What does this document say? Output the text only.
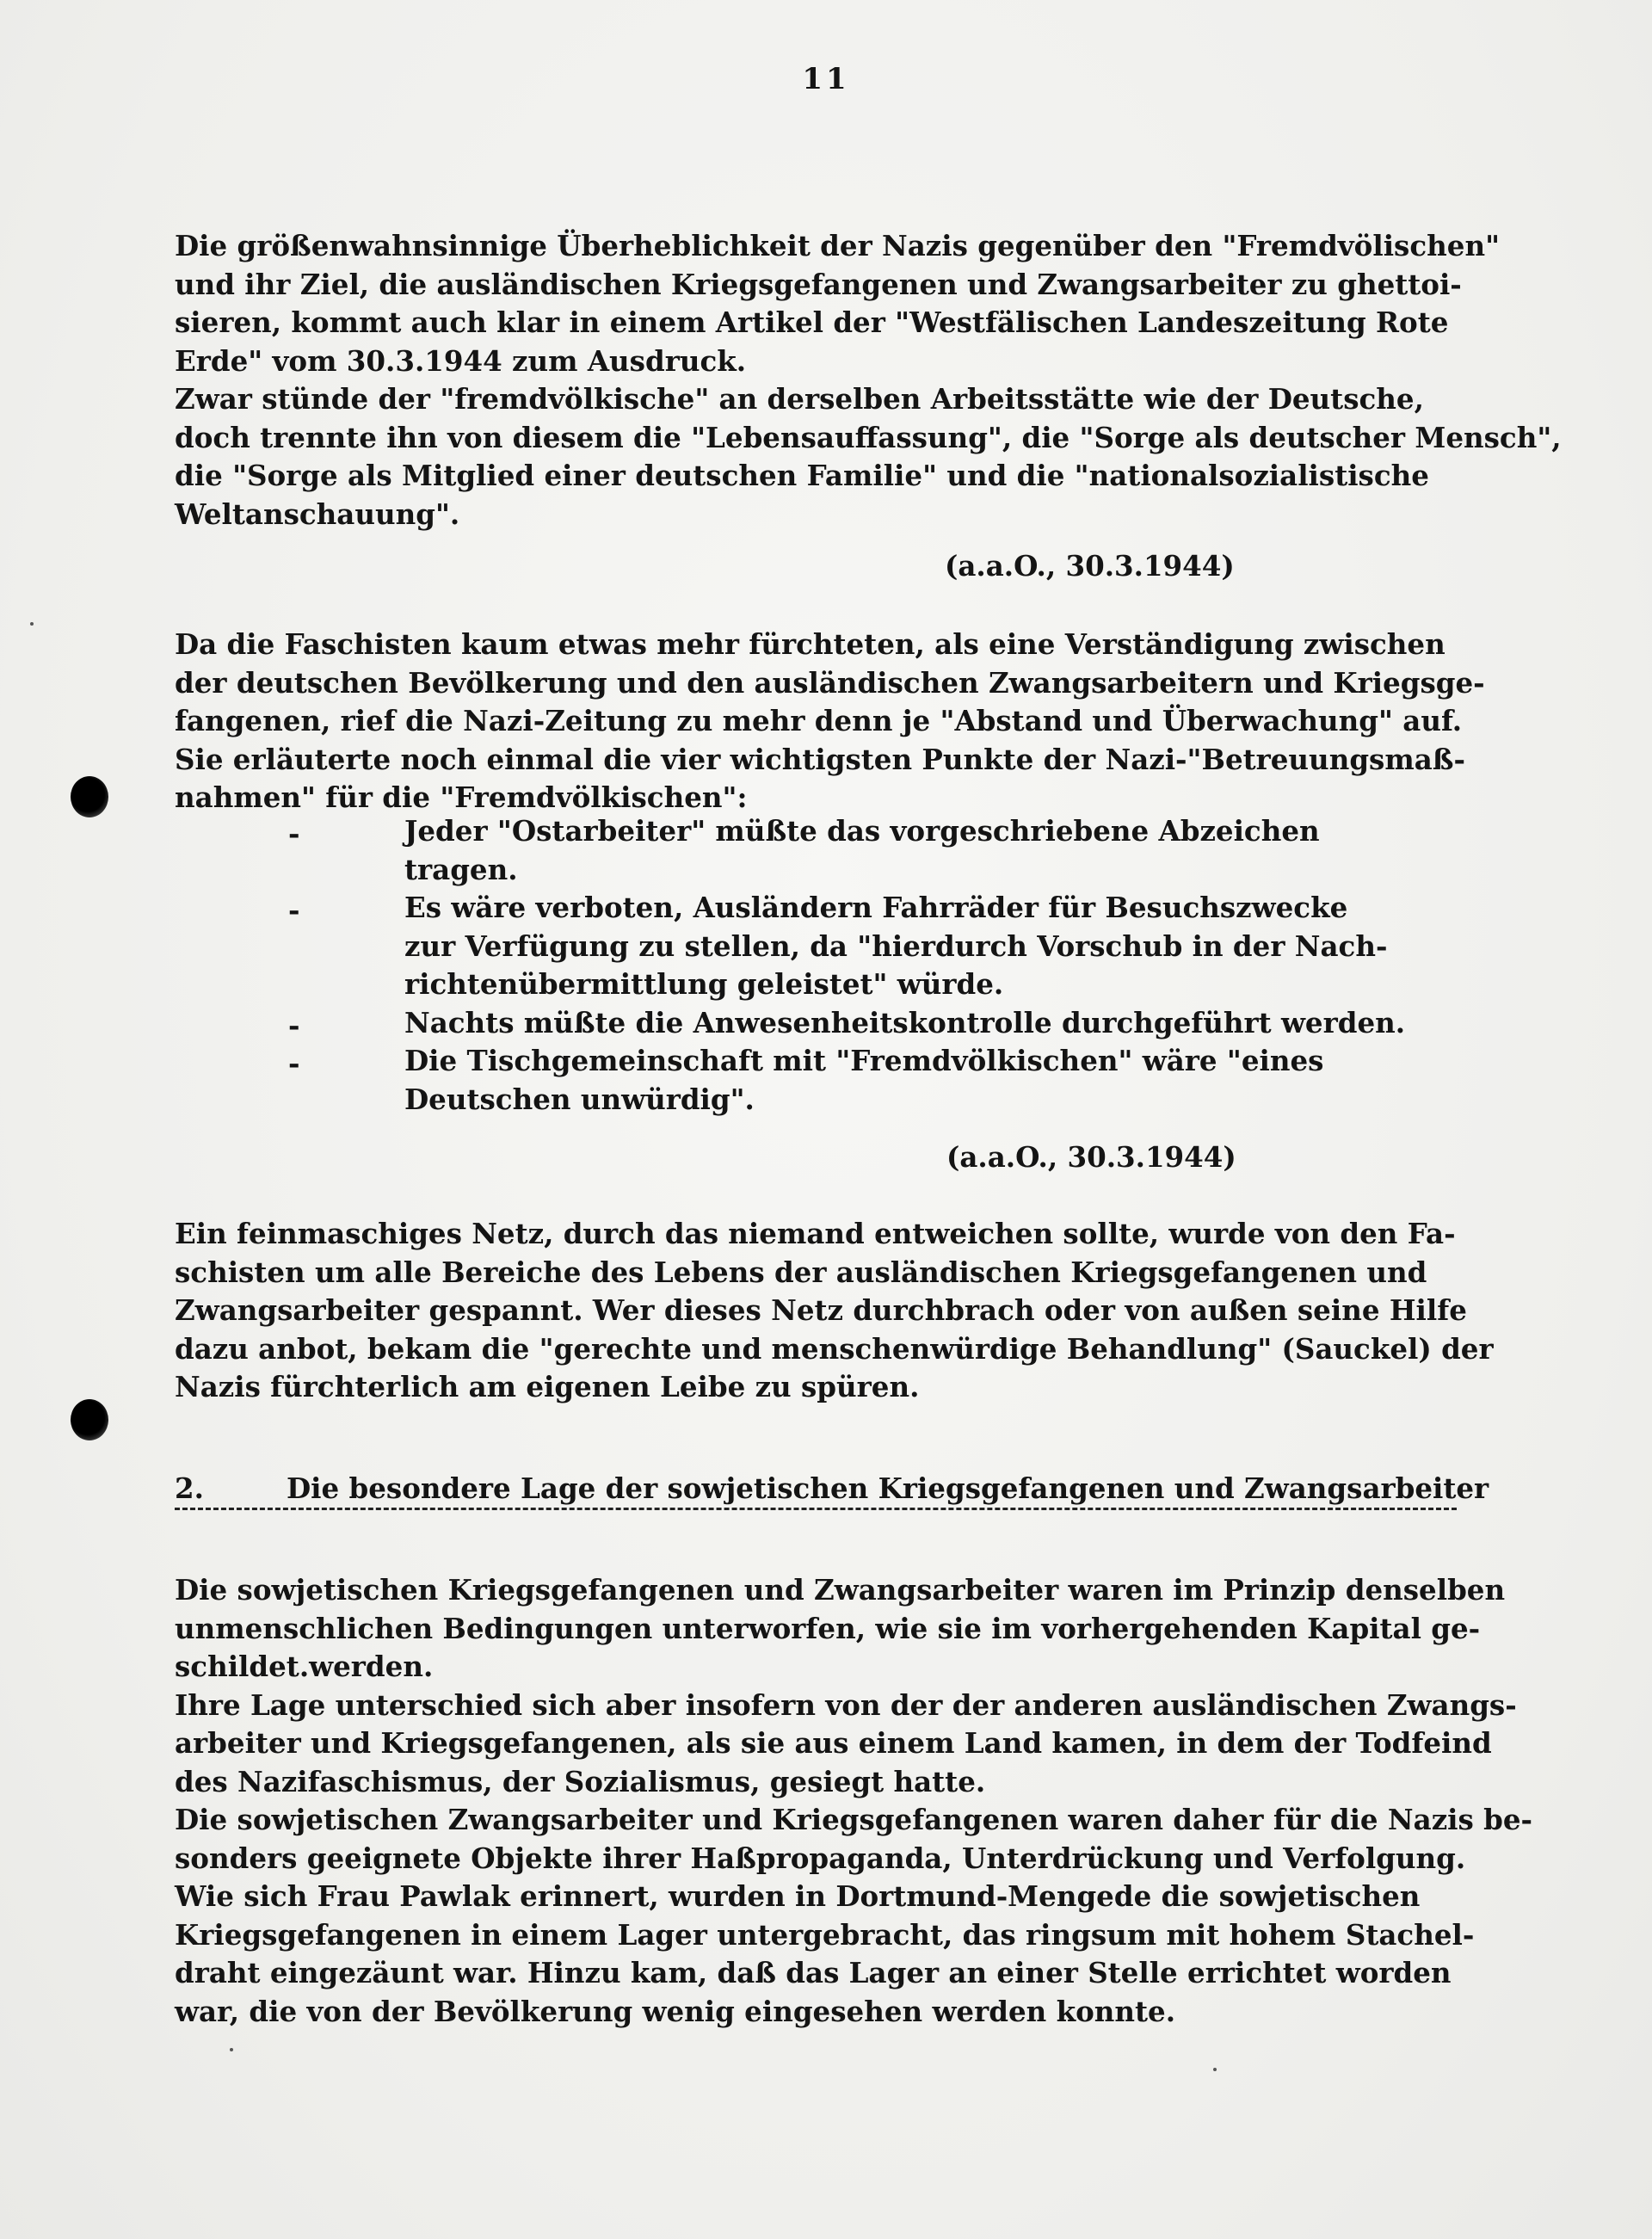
11

Die größenwahnsinnige Überheblichkeit der Nazis gegenüber den "Fremdvölischen"
und ihr Ziel, die ausländischen Kriegsgefangenen und Zwangsarbeiter zu ghettoi-
sieren, kommt auch klar in einem Artikel der "Westfälischen Landeszeitung Rote
Erde" vom 30.3.1944 zum Ausdruck.
Zwar stünde der "fremdvölkische" an derselben Arbeitsstätte wie der Deutsche,
doch trennte ihn von diesem die "Lebensauffassung", die "Sorge als deutscher Mensch",
die "Sorge als Mitglied einer deutschen Familie" und die "nationalsozialistische
Weltanschauung".

(a.a.O., 30.3.1944)

Da die Faschisten kaum etwas mehr fürchteten, als eine Verständigung zwischen
der deutschen Bevölkerung und den ausländischen Zwangsarbeitern und Kriegsge-
fangenen, rief die Nazi-Zeitung zu mehr denn je "Abstand und Überwachung" auf.
Sie erläuterte noch einmal die vier wichtigsten Punkte der Nazi-"Betreuungsmaß-
nahmen" für die "Fremdvölkischen":

-	Jeder "Ostarbeiter" müßte das vorgeschriebene Abzeichen
tragen.

-	Es wäre verboten, Ausländern Fahrräder für Besuchszwecke
zur Verfügung zu stellen, da "hierdurch Vorschub in der Nach-
richtenübermittlung geleistet" würde.

-	Nachts müßte die Anwesenheitskontrolle durchgeführt werden.

-	Die Tischgemeinschaft mit "Fremdvölkischen" wäre "eines
Deutschen unwürdig".

(a.a.O., 30.3.1944)

Ein feinmaschiges Netz, durch das niemand entweichen sollte, wurde von den Fa-
schisten um alle Bereiche des Lebens der ausländischen Kriegsgefangenen und
Zwangsarbeiter gespannt. Wer dieses Netz durchbrach oder von außen seine Hilfe
dazu anbot, bekam die "gerechte und menschenwürdige Behandlung" (Sauckel) der
Nazis fürchterlich am eigenen Leibe zu spüren.

2.	Die besondere Lage der sowjetischen Kriegsgefangenen und Zwangsarbeiter

Die sowjetischen Kriegsgefangenen und Zwangsarbeiter waren im Prinzip denselben
unmenschlichen Bedingungen unterworfen, wie sie im vorhergehenden Kapital ge-
schildet.werden.
Ihre Lage unterschied sich aber insofern von der der anderen ausländischen Zwangs-
arbeiter und Kriegsgefangenen, als sie aus einem Land kamen, in dem der Todfeind
des Nazifaschismus, der Sozialismus, gesiegt hatte.
Die sowjetischen Zwangsarbeiter und Kriegsgefangenen waren daher für die Nazis be-
sonders geeignete Objekte ihrer Haßpropaganda, Unterdrückung und Verfolgung.
Wie sich Frau Pawlak erinnert, wurden in Dortmund-Mengede die sowjetischen
Kriegsgefangenen in einem Lager untergebracht, das ringsum mit hohem Stachel-
draht eingezäunt war. Hinzu kam, daß das Lager an einer Stelle errichtet worden
war, die von der Bevölkerung wenig eingesehen werden konnte.
